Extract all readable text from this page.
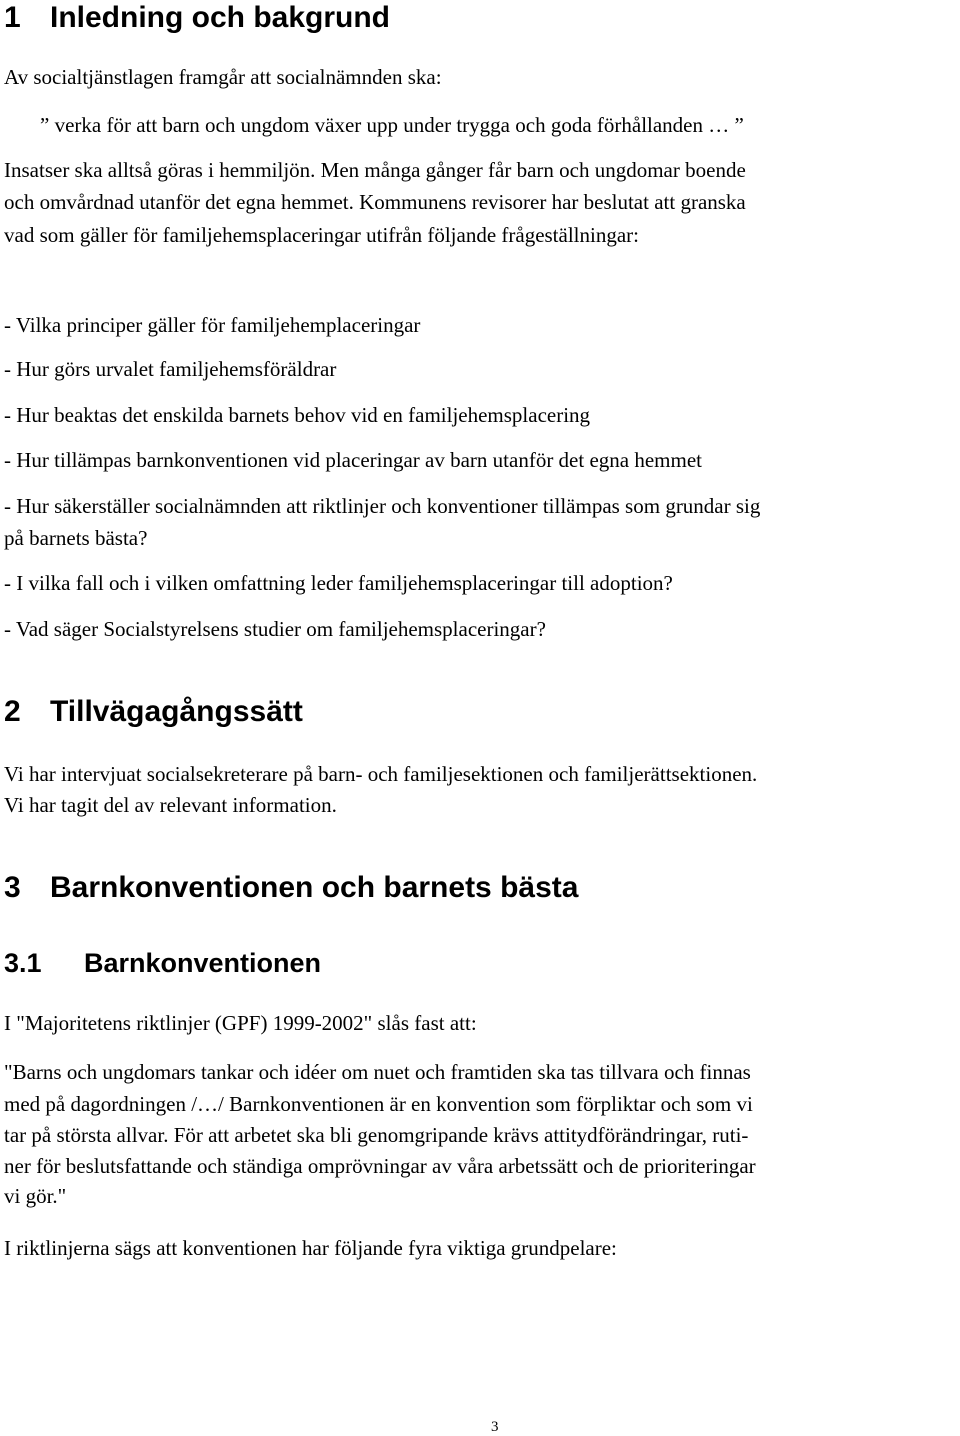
1 Inledning och bakgrund

Av socialtjänstlagen framgår att socialnämnden ska:

” verka för att barn och ungdom växer upp under trygga och goda förhållanden … ”

Insatser ska alltså göras i hemmiljön. Men många gånger får barn och ungdomar boende

och omvårdnad utanför det egna hemmet. Kommunens revisorer har beslutat att granska

vad som gäller för familjehemsplaceringar utifrån följande frågeställningar:

- Vilka principer gäller för familjehemplaceringar

- Hur görs urvalet familjehemsföräldrar

- Hur beaktas det enskilda barnets behov vid en familjehemsplacering

- Hur tillämpas barnkonventionen vid placeringar av barn utanför det egna hemmet

- Hur säkerställer socialnämnden att riktlinjer och konventioner tillämpas som grundar sig

på barnets bästa?

- I vilka fall och i vilken omfattning leder familjehemsplaceringar till adoption?

- Vad säger Socialstyrelsens studier om familjehemsplaceringar?

2 Tillvägagångssätt

Vi har intervjuat socialsekreterare på barn- och familjesektionen och familjerättsektionen.

Vi har tagit del av relevant information.

3 Barnkonventionen och barnets bästa
3.1 Barnkonventionen

I "Majoritetens riktlinjer (GPF) 1999-2002" slås fast att:

"Barns och ungdomars tankar och idéer om nuet och framtiden ska tas tillvara och finnas

med på dagordningen /…/ Barnkonventionen är en konvention som förpliktar och som vi

tar på största allvar. För att arbetet ska bli genomgripande krävs attitydförändringar, ruti-

ner för beslutsfattande och ständiga omprövningar av våra arbetssätt och de prioriteringar

vi gör."

I riktlinjerna sägs att konventionen har följande fyra viktiga grundpelare:

3
